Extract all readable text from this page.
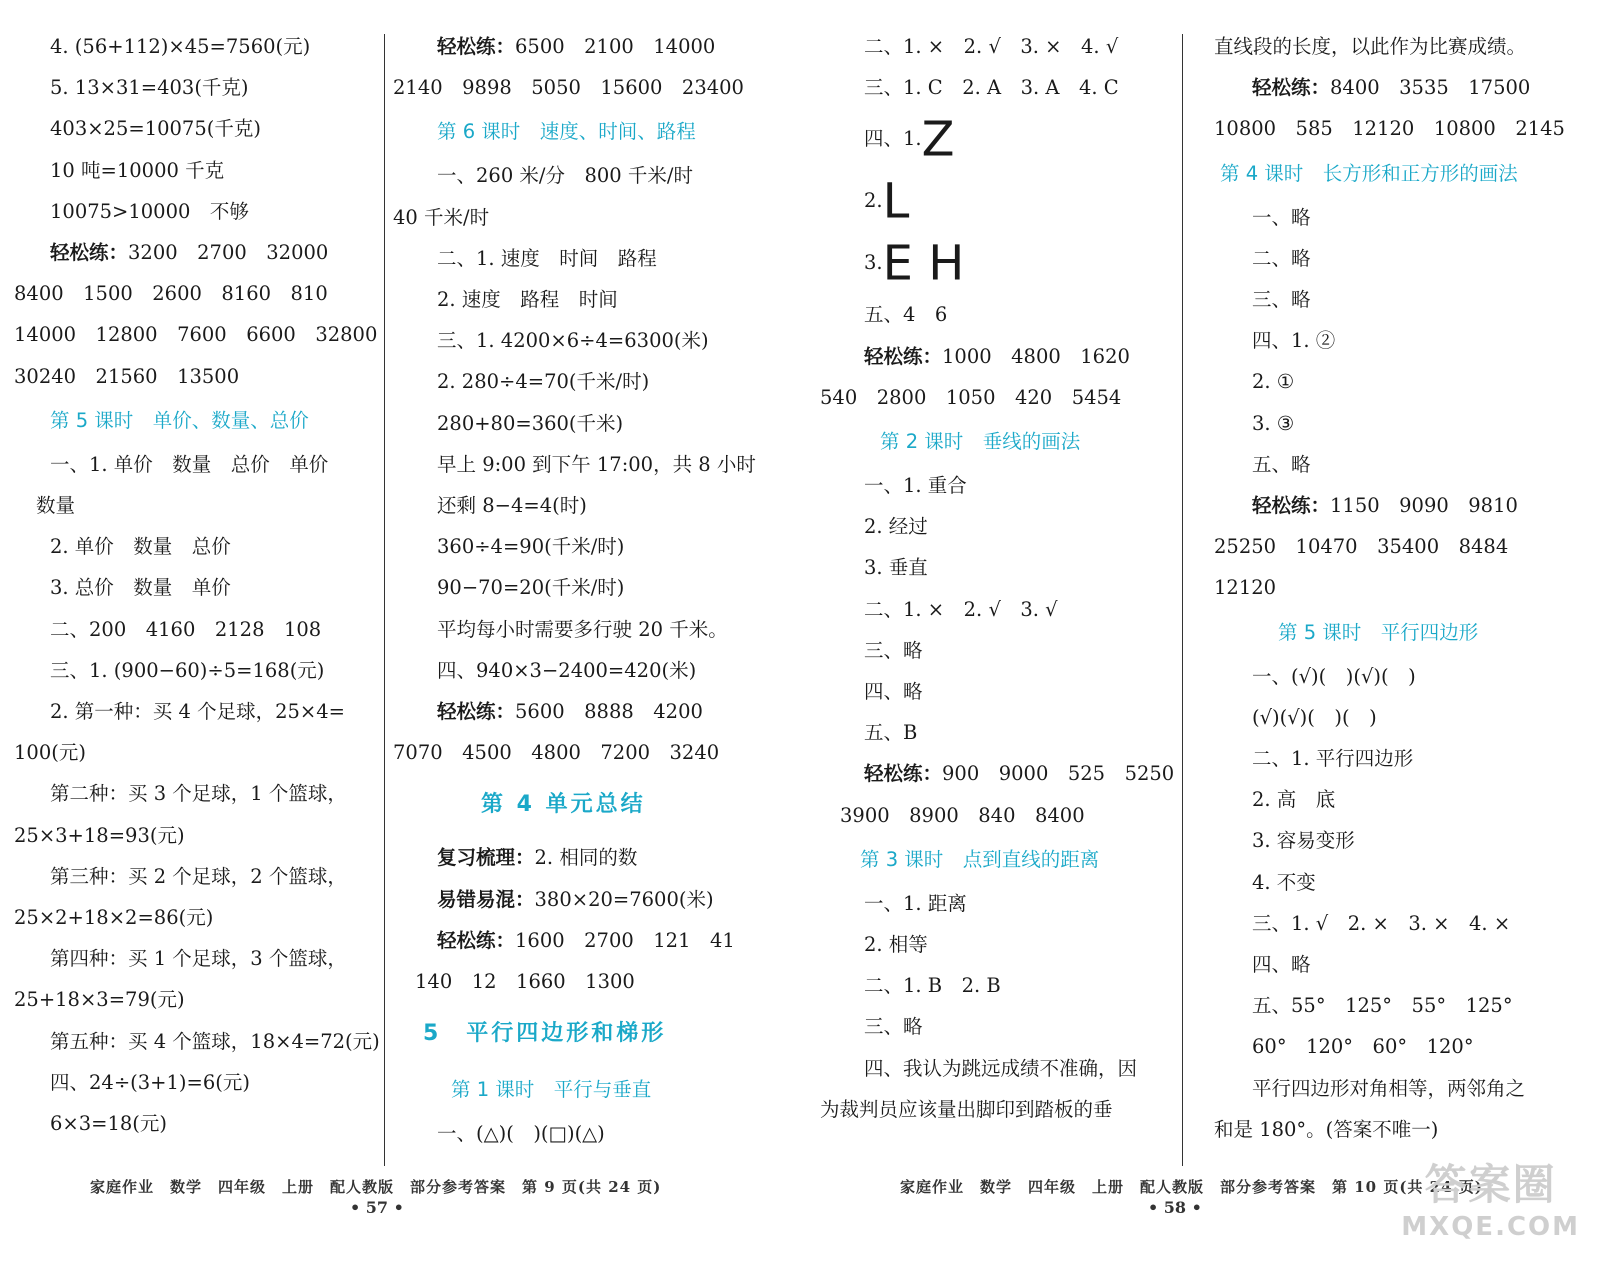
4. (56+112)×45=7560(元)
5. 13×31=403(千克)
403×25=10075(千克)
10 吨=10000 千克
10075>10000　不够
轻松练：3200　2700　32000
8400　1500　2600　8160　810
14000　12800　7600　6600　32800
30240　21560　13500
第 5 课时　单价、数量、总价
一、1. 单价　数量　总价　单价
数量
2. 单价　数量　总价
3. 总价　数量　单价
二、200　4160　2128　108
三、1. (900−60)÷5=168(元)
2. 第一种：买 4 个足球，25×4=
100(元)
第二种：买 3 个足球，1 个篮球，
25×3+18=93(元)
第三种：买 2 个足球，2 个篮球，
25×2+18×2=86(元)
第四种：买 1 个足球，3 个篮球，
25+18×3=79(元)
第五种：买 4 个篮球，18×4=72(元)
四、24÷(3+1)=6(元)
6×3=18(元)
轻松练：6500　2100　14000
2140　9898　5050　15600　23400
第 6 课时　速度、时间、路程
一、260 米/分　800 千米/时
40 千米/时
二、1. 速度　时间　路程
2. 速度　路程　时间
三、1. 4200×6÷4=6300(米)
2. 280÷4=70(千米/时)
280+80=360(千米)
早上 9:00 到下午 17:00，共 8 小时
还剩 8−4=4(时)
360÷4=90(千米/时)
90−70=20(千米/时)
平均每小时需要多行驶 20 千米。
四、940×3−2400=420(米)
轻松练：5600　8888　4200
7070　4500　4800　7200　3240
第 4 单元总结
复习梳理：2. 相同的数
易错易混：380×20=7600(米)
轻松练：1600　2700　121　41
140　12　1660　1300
5　平行四边形和梯形
第 1 课时　平行与垂直
一、(△)(　)(□)(△)
二、1. ×　2. √　3. ×　4. √
三、1. C　2. A　3. A　4. C
四、1.Z
2.L
3.E H
五、4　6
轻松练：1000　4800　1620
540　2800　1050　420　5454
第 2 课时　垂线的画法
一、1. 重合
2. 经过
3. 垂直
二、1. ×　2. √　3. √
三、略
四、略
五、B
轻松练：900　9000　525　5250
3900　8900　840　8400
第 3 课时　点到直线的距离
一、1. 距离
2. 相等
二、1. B　2. B
三、略
四、我认为跳远成绩不准确，因
为裁判员应该量出脚印到踏板的垂
直线段的长度，以此作为比赛成绩。
轻松练：8400　3535　17500
10800　585　12120　10800　2145
第 4 课时　长方形和正方形的画法
一、略
二、略
三、略
四、1. ②
2. ①
3. ③
五、略
轻松练：1150　9090　9810
25250　10470　35400　8484
12120
第 5 课时　平行四边形
一、(√)(　)(√)(　)
(√)(√)(　)(　)
二、1. 平行四边形
2. 高　底
3. 容易变形
4. 不变
三、1. √　2. ×　3. ×　4. ×
四、略
五、55°　125°　55°　125°
60°　120°　60°　120°
平行四边形对角相等，两邻角之
和是 180°。(答案不唯一)
家庭作业　数学　四年级　上册　配人教版　部分参考答案　第 9 页(共 24 页)
• 57 •
家庭作业　数学　四年级　上册　配人教版　部分参考答案　第 10 页(共 24 页)
• 58 •	答案圈
MXQE.COM
